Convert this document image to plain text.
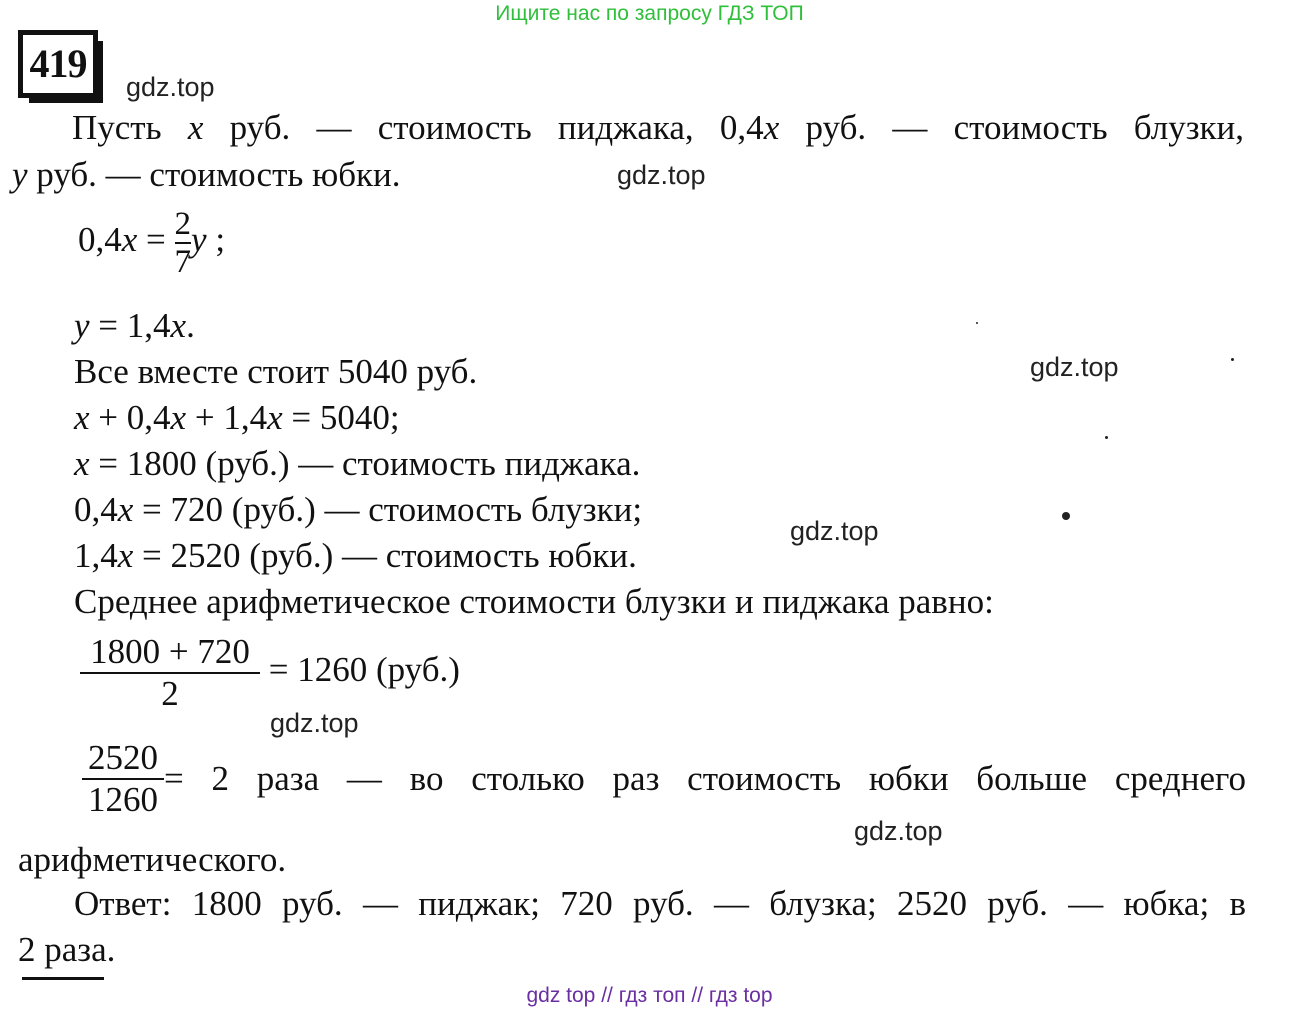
Ищите нас по запросу ГДЗ ТОП
419
gdz.top
gdz.top
gdz.top
gdz.top
gdz.top
gdz.top
Пусть x руб. — стоимость пиджака, 0,4x руб. — стоимость блузки,
y руб. — стоимость юбки.
$0,4x = \frac{2}{7}$ y ;
y = 1,4x.
Все вместе стоит 5040 руб.
x + 0,4x + 1,4x = 5040;
x = 1800 (руб.) — стоимость пиджака.
0,4x = 720 (руб.) — стоимость блузки;
1,4x = 2520 (руб.) — стоимость юбки.
Среднее арифметическое стоимости блузки и пиджака равно:
$\frac{1800 + 720}{2} = 1260$ (руб.)
$\frac{2520}{1260} = 2$ раза — во столько раз стоимость юбки больше среднего
арифметического.
Ответ: 1800 руб. — пиджак; 720 руб. — блузка; 2520 руб. — юбка; в
2 раза.
gdz top // гдз топ // гдз top
